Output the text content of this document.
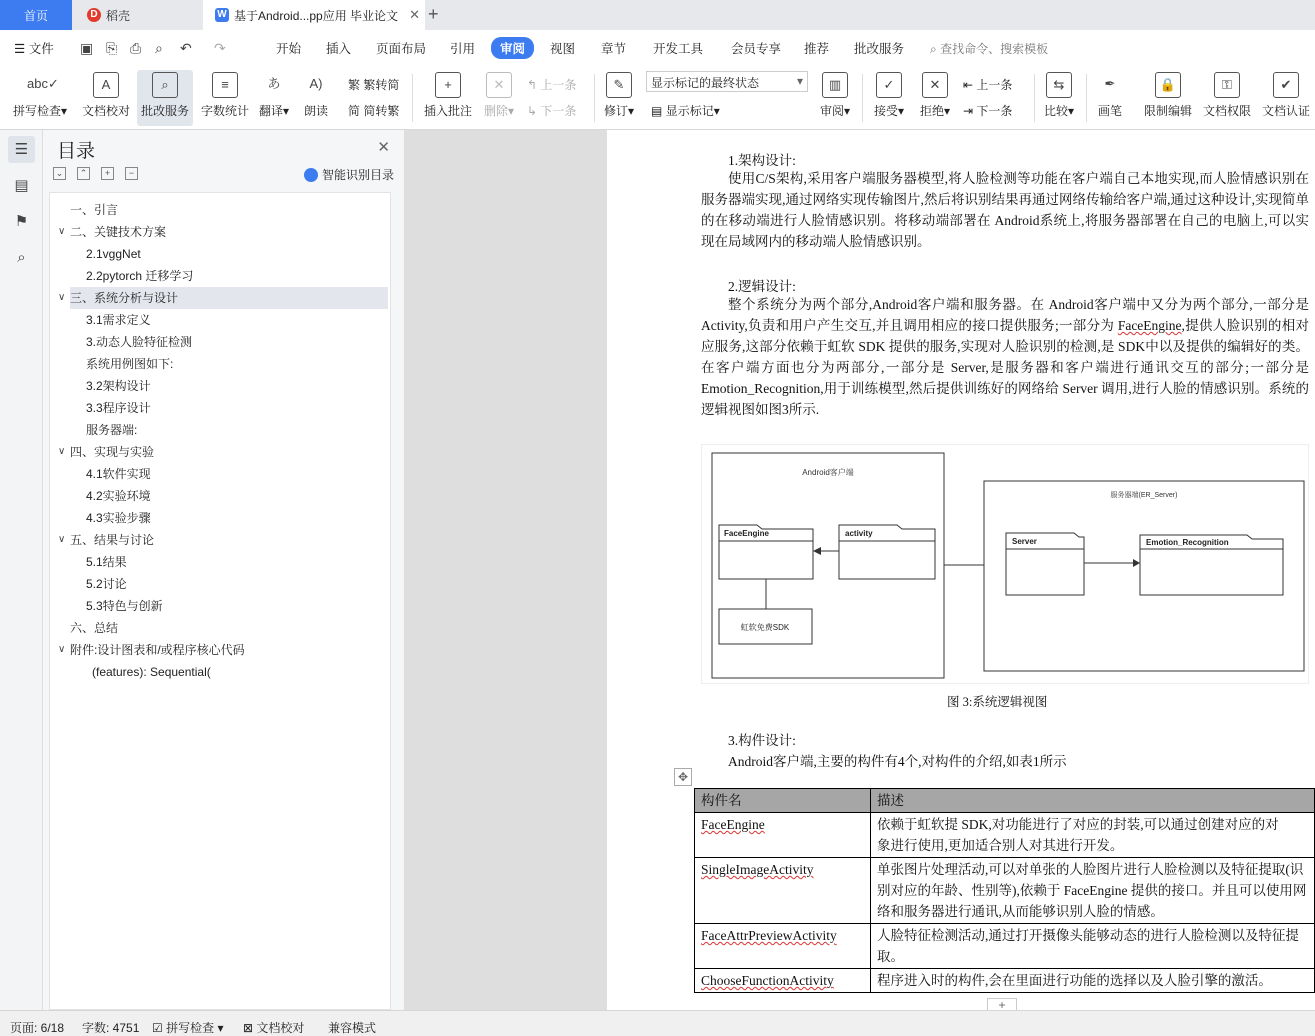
首页	D 稻壳	W 基于Android...pp应用 毕业论文 ✕ +
☰ 文件 ▣ ⎘ ⎙ ⌕ ↶ ↷	开始 插入 页面布局 引用	审阅	视图 章节 开发工具 会员专享 推荐 批改服务 ⌕ 查找命令、搜索模板
abc✓
拼写检查▾
A
文档校对
⌕
批改服务
≡
字数统计
あ
翻译▾
A)
朗读
繁 繁转简
简 简转繁
+
插入批注
✕
删除▾
↰ 上一条
↳ 下一条
✎
修订▾
显示标记的最终状态	▾
▤ 显示标记▾
▥
审阅▾
✓
接受▾
✕
拒绝▾
⇤ 上一条
⇥ 下一条
⇆
比较▾
✒
画笔
🔒
限制编辑
⚿
文档权限
✔
文档认证
☰
▤
⚑
⌕
目录	✕
⌄	⌃	+	−	智能识别目录
一、引言
∨ 二、关键技术方案
2.1vggNet
2.2pytorch 迁移学习
∨ 三、系统分析与设计
3.1需求定义
3.动态人脸特征检测
系统用例图如下:
3.2架构设计
3.3程序设计
服务器端:
∨ 四、实现与实验
4.1软件实现
4.2实验环境
4.3实验步骤
∨ 五、结果与讨论
5.1结果
5.2讨论
5.3特色与创新
六、总结
∨ 附件:设计图表和/或程序核心代码
(features): Sequential(
1.架构设计:
使用C/S架构,采用客户端服务器模型,将人脸检测等功能在客户端自己本地实现,而人脸情感识别在服务器端实现,通过网络实现传输图片,然后将识别结果再通过网络传输给客户端,通过这种设计,实现简单的在移动端进行人脸情感识别。将移动端部署在 Android系统上,将服务器部署在自己的电脑上,可以实现在局域网内的移动端人脸情感识别。
2.逻辑设计:
整个系统分为两个部分,Android客户端和服务器。在 Android客户端中又分为两个部分,一部分是 Activity,负责和用户产生交互,并且调用相应的接口提供服务;一部分为 FaceEngine,提供人脸识别的相对应服务,这部分依赖于虹软 SDK 提供的服务,实现对人脸识别的检测,是 SDK中以及提供的编辑好的类。在客户端方面也分为两部分,一部分是 Server,是服务器和客户端进行通讯交互的部分;一部分是 Emotion_Recognition,用于训练模型,然后提供训练好的网络给 Server 调用,进行人脸的情感识别。系统的逻辑视图如图3所示.
Android客户端
FaceEngine	activity
虹软免费SDK
服务器端(ER_Server)
Server	Emotion_Recognition
图 3:系统逻辑视图
3.构件设计:
Android客户端,主要的构件有4个,对构件的介绍,如表1所示
✥
构件名	描述
FaceEngine	依赖于虹软提 SDK,对功能进行了对应的封装,可以通过创建对应的对
象进行使用,更加适合别人对其进行开发。
SingleImageActivity	单张图片处理活动,可以对单张的人脸图片进行人脸检测以及特征提取(识别对应的年龄、性别等),依赖于 FaceEngine 提供的接口。并且可以使用网络和服务器进行通讯,从而能够识别人脸的情感。
FaceAttrPreviewActivity	人脸特征检测活动,通过打开摄像头能够动态的进行人脸检测以及特征提取。
ChooseFunctionActivity	程序进入时的构件,会在里面进行功能的选择以及人脸引擎的激活。
+
页面: 6/18 字数: 4751 ☑ 拼写检查 ▾ ⊠ 文档校对 兼容模式
